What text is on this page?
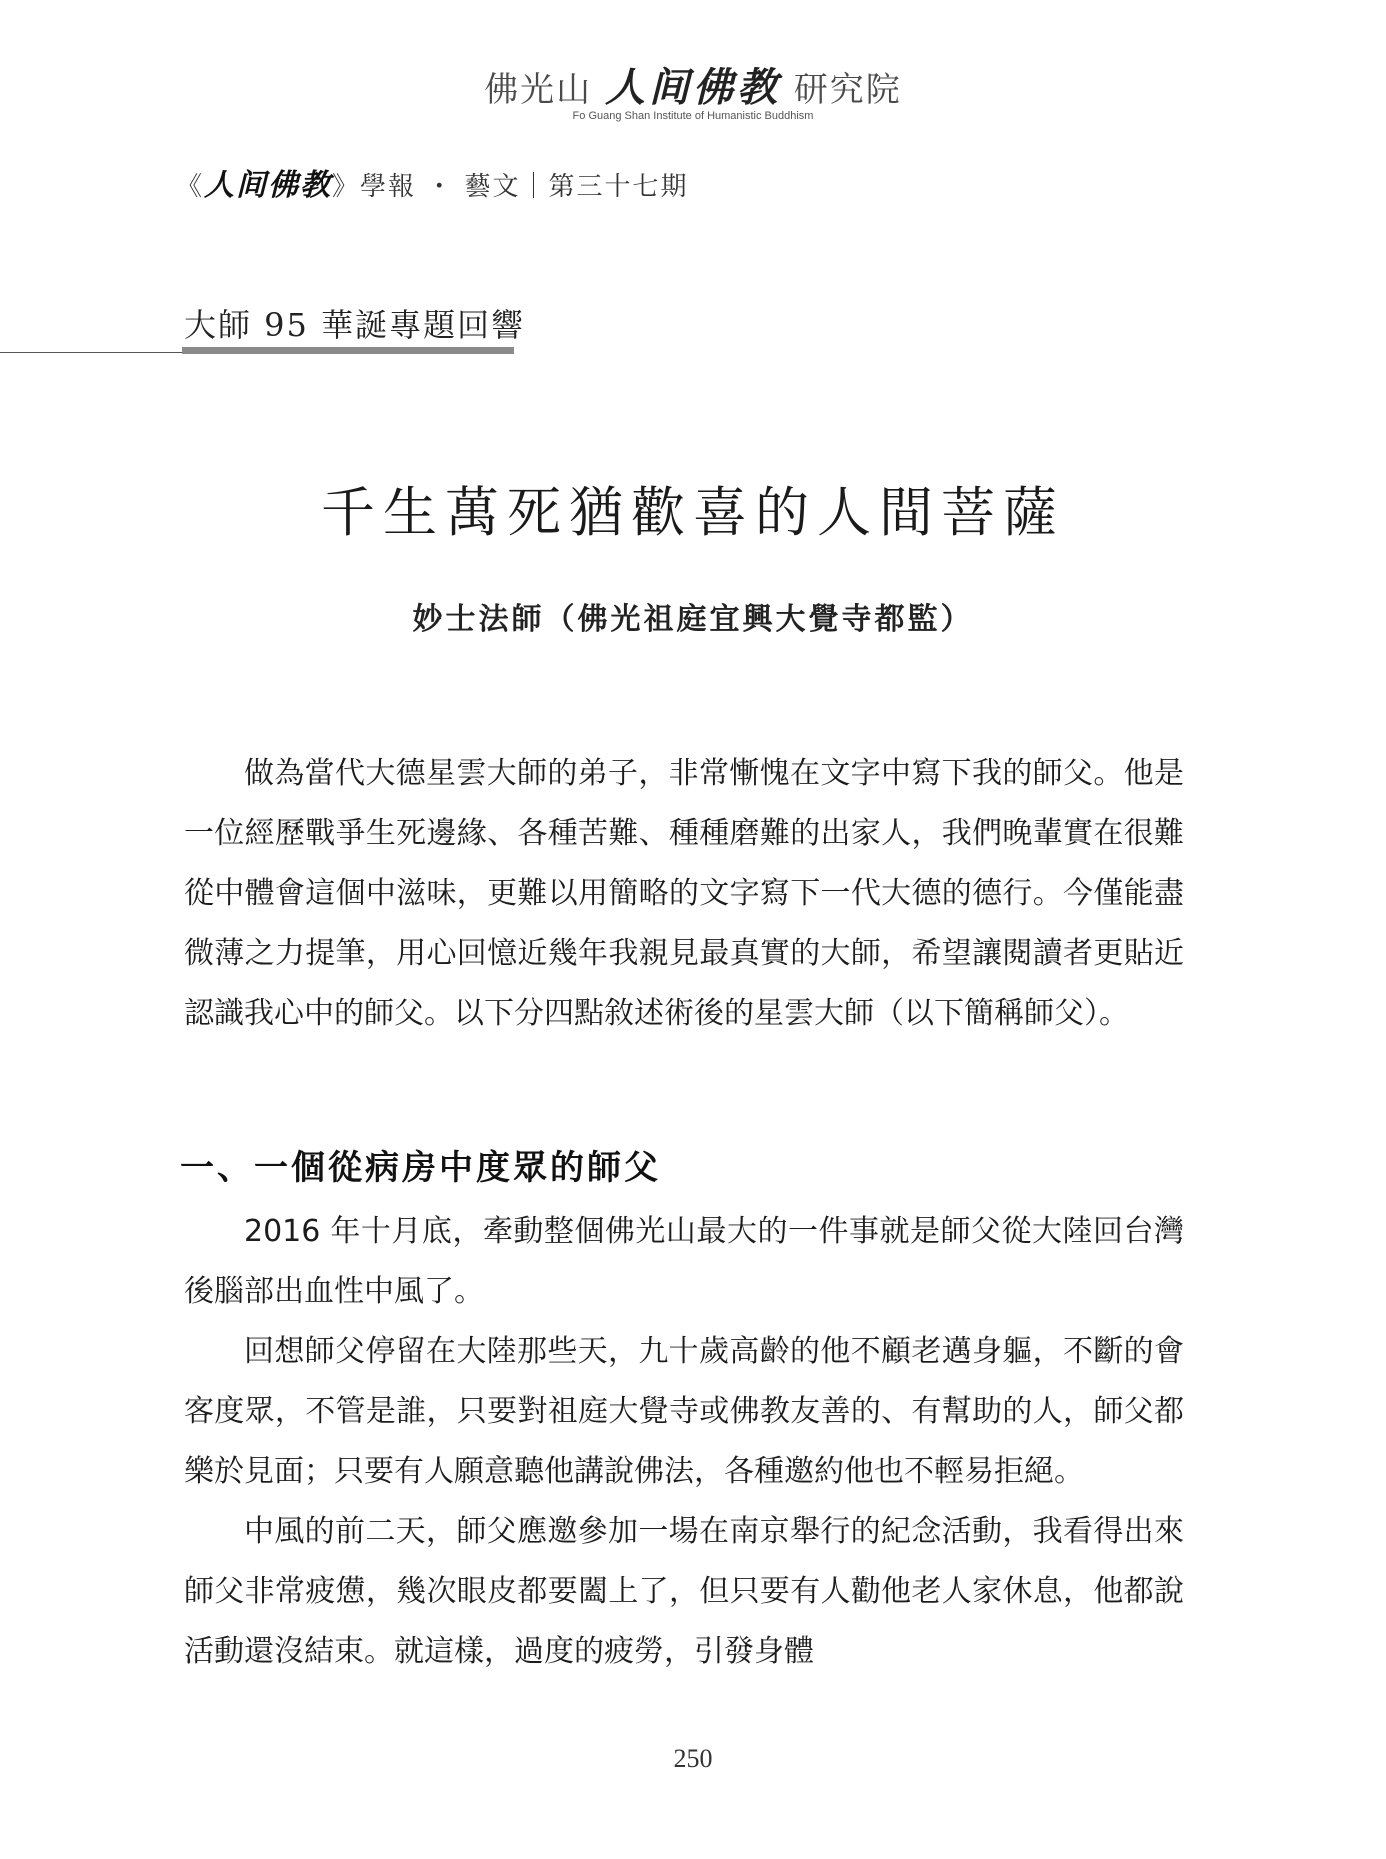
佛光山 人间佛教 研究院
Fo Guang Shan Institute of Humanistic Buddhism
《人间佛教》學報 ・ 藝文｜第三十七期
大師 95 華誕專題回響
千生萬死猶歡喜的人間菩薩
妙士法師（佛光祖庭宜興大覺寺都監）

做為當代大德星雲大師的弟子，非常慚愧在文字中寫下我的師父。他是一位經歷戰爭生死邊緣、各種苦難、種種磨難的出家人，我們晚輩實在很難從中體會這個中滋味，更難以用簡略的文字寫下一代大德的德行。今僅能盡微薄之力提筆，用心回憶近幾年我親見最真實的大師，希望讓閱讀者更貼近認識我心中的師父。以下分四點敘述術後的星雲大師（以下簡稱師父）。

一、一個從病房中度眾的師父

2016 年十月底，牽動整個佛光山最大的一件事就是師父從大陸回台灣後腦部出血性中風了。

回想師父停留在大陸那些天，九十歲高齡的他不顧老邁身軀，不斷的會客度眾，不管是誰，只要對祖庭大覺寺或佛教友善的、有幫助的人，師父都樂於見面；只要有人願意聽他講說佛法，各種邀約他也不輕易拒絕。

中風的前二天，師父應邀參加一場在南京舉行的紀念活動，我看得出來師父非常疲憊，幾次眼皮都要闔上了，但只要有人勸他老人家休息，他都說活動還沒結束。就這樣，過度的疲勞，引發身體

250
